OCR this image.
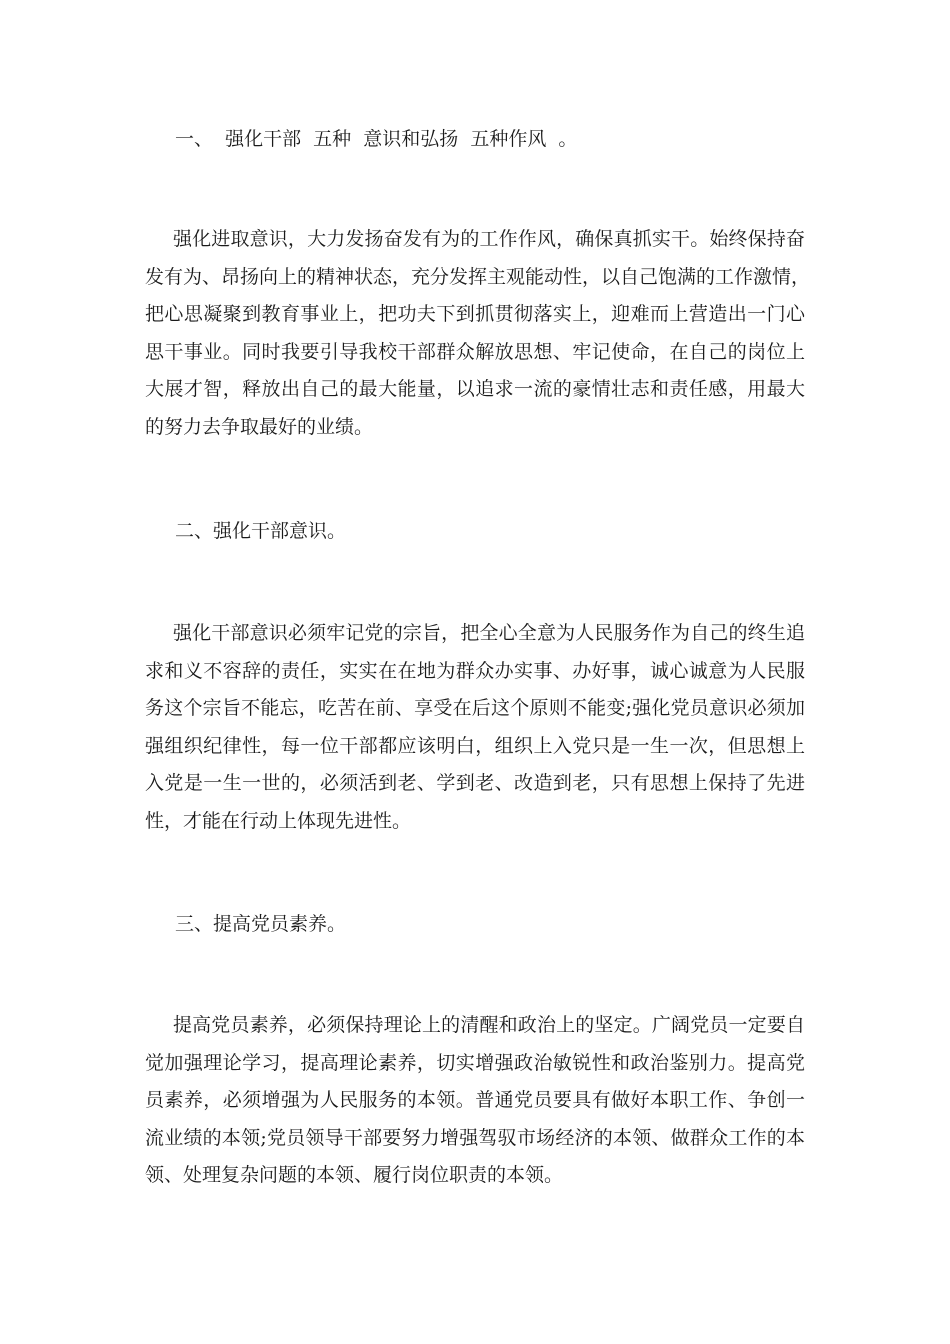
一、  强化干部  五种  意识和弘扬  五种作风  。
强化进取意识，大力发扬奋发有为的工作作风，确保真抓实干。始终保持奋
发有为、昂扬向上的精神状态，充分发挥主观能动性，以自己饱满的工作激情，
把心思凝聚到教育事业上，把功夫下到抓贯彻落实上，迎难而上营造出一门心
思干事业。同时我要引导我校干部群众解放思想、牢记使命，在自己的岗位上
大展才智，释放出自己的最大能量，以追求一流的豪情壮志和责任感，用最大
的努力去争取最好的业绩。
二、强化干部意识。
强化干部意识必须牢记党的宗旨，把全心全意为人民服务作为自己的终生追
求和义不容辞的责任，实实在在地为群众办实事、办好事，诚心诚意为人民服
务这个宗旨不能忘，吃苦在前、享受在后这个原则不能变;强化党员意识必须加
强组织纪律性，每一位干部都应该明白，组织上入党只是一生一次，但思想上
入党是一生一世的，必须活到老、学到老、改造到老，只有思想上保持了先进
性，才能在行动上体现先进性。
三、提高党员素养。
提高党员素养，必须保持理论上的清醒和政治上的坚定。广阔党员一定要自
觉加强理论学习，提高理论素养，切实增强政治敏锐性和政治鉴别力。提高党
员素养，必须增强为人民服务的本领。普通党员要具有做好本职工作、争创一
流业绩的本领;党员领导干部要努力增强驾驭市场经济的本领、做群众工作的本
领、处理复杂问题的本领、履行岗位职责的本领。
